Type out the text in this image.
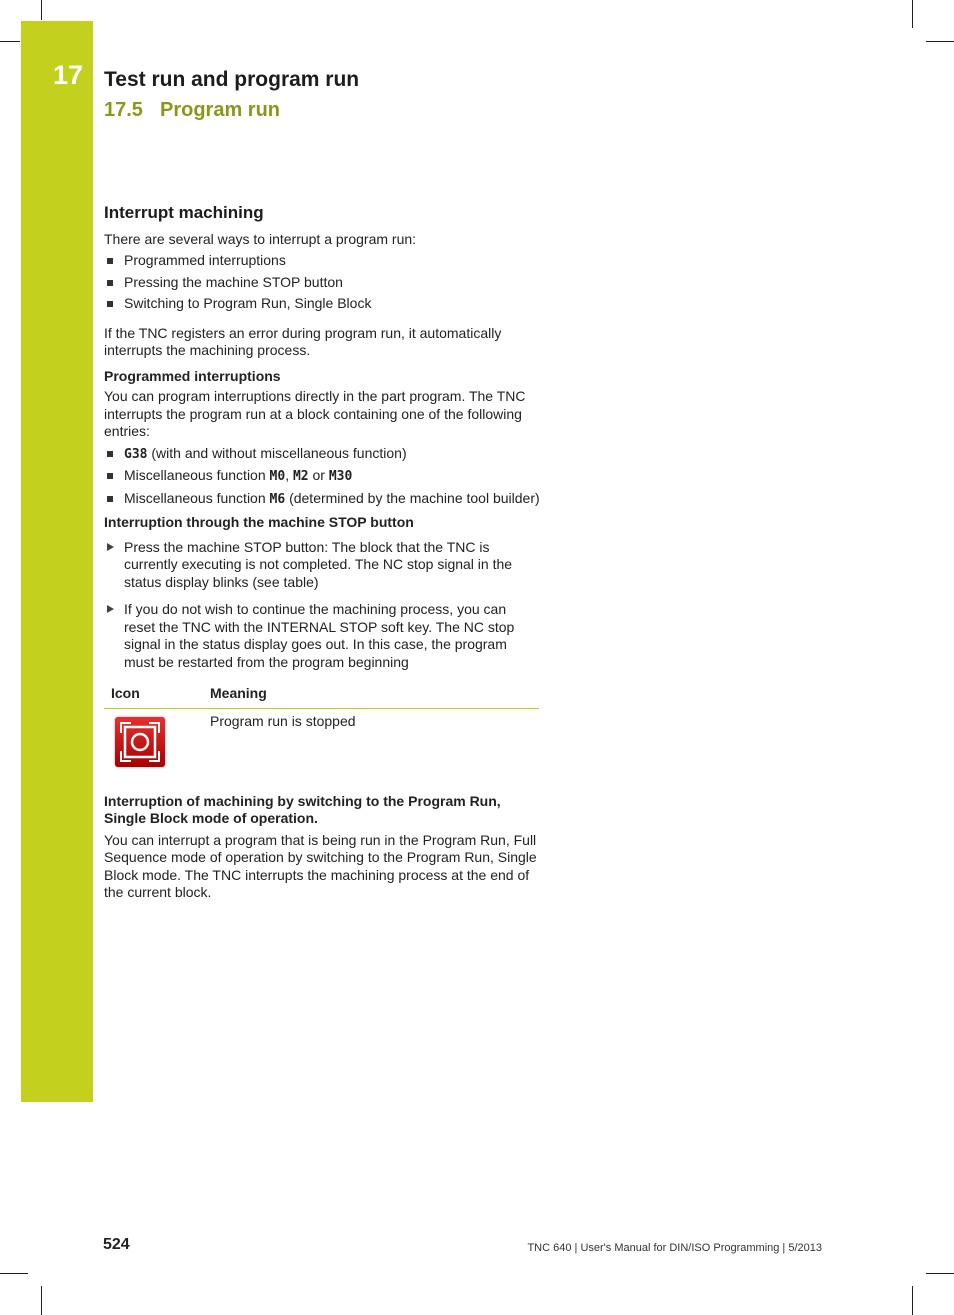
17 Test run and program run
17.5 Program run
Interrupt machining

There are several ways to interrupt a program run:

Programmed interruptions
Pressing the machine STOP button
Switching to Program Run, Single Block

If the TNC registers an error during program run, it automatically interrupts the machining process.

Programmed interruptions

You can program interruptions directly in the part program. The TNC interrupts the program run at a block containing one of the following entries:

G38 (with and without miscellaneous function)
Miscellaneous function M0, M2 or M30
Miscellaneous function M6 (determined by the machine tool builder)
Interruption through the machine STOP button
Press the machine STOP button: The block that the TNC is currently executing is not completed. The NC stop signal in the status display blinks (see table)
If you do not wish to continue the machining process, you can reset the TNC with the INTERNAL STOP soft key. The NC stop signal in the status display goes out. In this case, the program must be restarted from the program beginning
Icon	Meaning

	Program run is stopped
Interruption of machining by switching to the Program Run, Single Block mode of operation.

You can interrupt a program that is being run in the Program Run, Full Sequence mode of operation by switching to the Program Run, Single Block mode. The TNC interrupts the machining process at the end of the current block.

524	TNC 640 | User's Manual for DIN/ISO Programming | 5/2013
